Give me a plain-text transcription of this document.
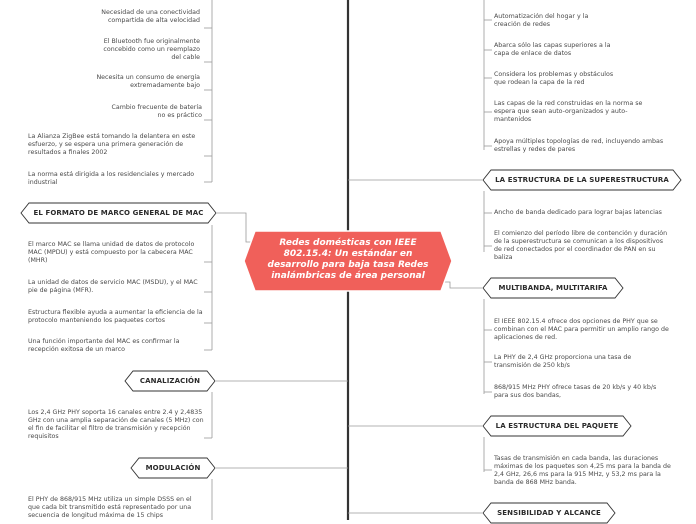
Redes domésticas con IEEE 802.15.4: Un estándar en desarrollo para baja tasa Redes inalámbricas de área personal
Necesidad de una conectividad compartida de alta velocidad
El Bluetooth fue originalmente concebido como un reemplazo del cable
Necesita un consumo de energía extremadamente bajo
Cambio frecuente de batería no es práctico
La Alianza ZigBee está tomando la delantera en este esfuerzo, y se espera una primera generación de resultados a finales 2002
La norma está dirigida a los residenciales y mercado industrial
EL FORMATO DE MARCO GENERAL DE MAC
El marco MAC se llama unidad de datos de protocolo MAC (MPDU) y está compuesto por la cabecera MAC (MHR)
La unidad de datos de servicio MAC (MSDU), y el MAC pie de página (MFR).
Estructura flexible ayuda a aumentar la eficiencia de la protocolo manteniendo los paquetes cortos
Una función importante del MAC es confirmar la recepción exitosa de un marco
CANALIZACIÓN
Los 2,4 GHz PHY soporta 16 canales entre 2.4 y 2,4835 GHz con una amplia separación de canales (5 MHz) con el fin de facilitar el filtro de transmisión y recepción requisitos
MODULACIÓN
El PHY de 868/915 MHz utiliza un simple DSSS en el que cada bit transmitido está representado por una secuencia de longitud máxima de 15 chips
Automatización del hogar y la creación de redes
Abarca sólo las capas superiores a la capa de enlace de datos
Considera los problemas y obstáculos que rodean la capa de la red
Las capas de la red construidas en la norma se espera que sean auto-organizados y auto-mantenidos
Apoya múltiples topologías de red, incluyendo ambas estrellas y redes de pares
LA ESTRUCTURA DE LA SUPERESTRUCTURA
Ancho de banda dedicado para lograr bajas latencias
El comienzo del período libre de contención y duración de la superestructura se comunican a los dispositivos de red conectados por el coordinador de PAN en su baliza
MULTIBANDA, MULTITARIFA
El IEEE 802.15.4 ofrece dos opciones de PHY que se combinan con el MAC para permitir un amplio rango de aplicaciones de red.
La PHY de 2,4 GHz proporciona una tasa de transmisión de 250 kb/s
868/915 MHz PHY ofrece tasas de 20 kb/s y 40 kb/s para sus dos bandas,
LA ESTRUCTURA DEL PAQUETE
Tasas de transmisión en cada banda, las duraciones máximas de los paquetes son 4,25 ms para la banda de 2,4 GHz, 26,6 ms para la 915 MHz, y 53,2 ms para la banda de 868 MHz banda.
SENSIBILIDAD Y ALCANCE
